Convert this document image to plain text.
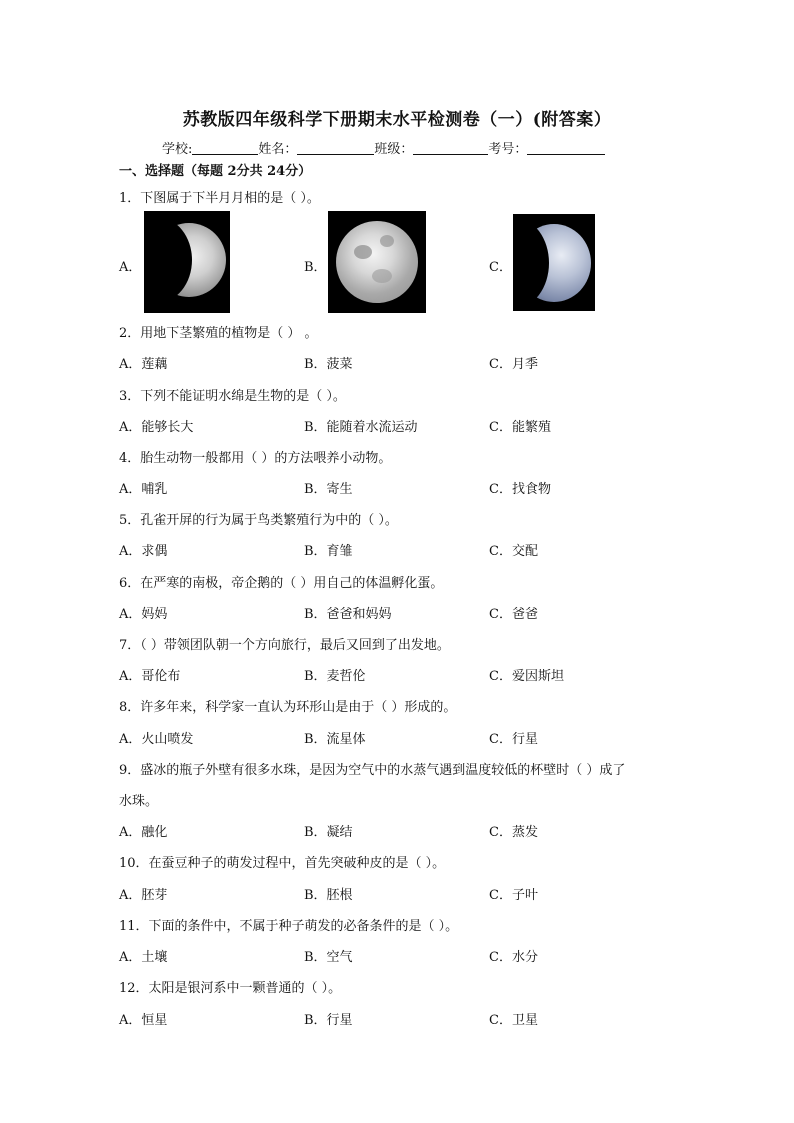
苏教版四年级科学下册期末水平检测卷（一）(附答案）
学校:	姓名：	班级：	考号：
一、选择题（每题 2分共 24分）
1．下图属于下半月月相的是（ ）。
A．	B．	C．
2．用地下茎繁殖的植物是（ ） 。
A．莲藕	B．菠菜	C．月季
3．下列不能证明水绵是生物的是（ ）。
A．能够长大	B．能随着水流运动	C．能繁殖
4．胎生动物一般都用（ ）的方法喂养小动物。
A．哺乳	B．寄生	C．找食物
5．孔雀开屏的行为属于鸟类繁殖行为中的（ ）。
A．求偶	B．育雏	C．交配
6．在严寒的南极，帝企鹅的（ ）用自己的体温孵化蛋。
A．妈妈	B．爸爸和妈妈	C．爸爸
7．（ ）带领团队朝一个方向旅行，最后又回到了出发地。
A．哥伦布	B．麦哲伦	C．爱因斯坦
8．许多年来，科学家一直认为环形山是由于（ ）形成的。
A．火山喷发	B．流星体	C．行星
9．盛冰的瓶子外壁有很多水珠，是因为空气中的水蒸气遇到温度较低的杯壁时（ ）成了
水珠。
A．融化	B．凝结	C．蒸发
10．在蚕豆种子的萌发过程中，首先突破种皮的是（ ）。
A．胚芽	B．胚根	C．子叶
11．下面的条件中，不属于种子萌发的必备条件的是（ ）。
A．土壤	B．空气	C．水分
12．太阳是银河系中一颗普通的（ ）。
A．恒星	B．行星	C．卫星
